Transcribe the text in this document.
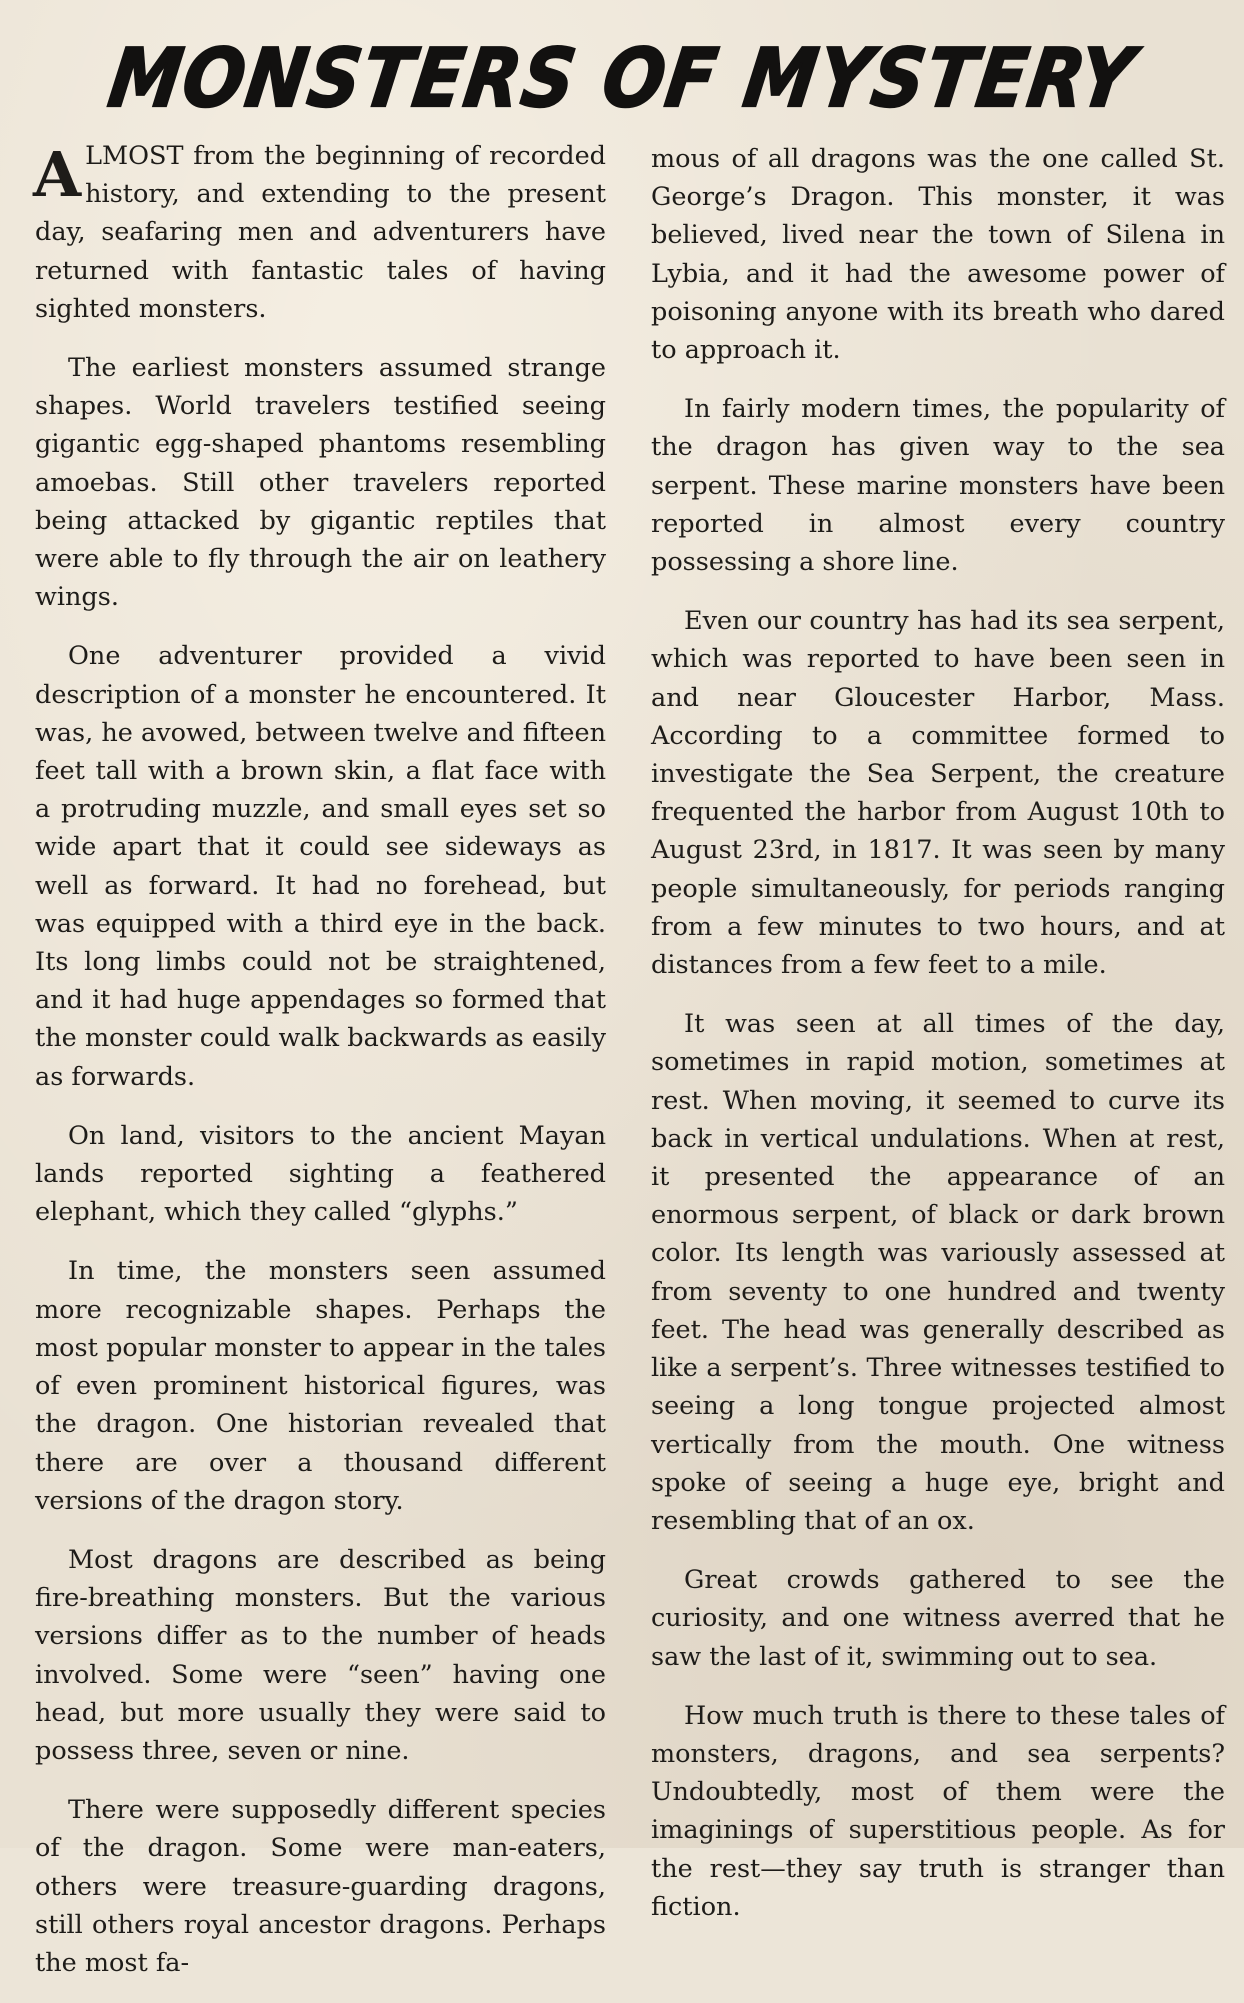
MONSTERS OF MYSTERY

ALMOST from the beginning of recorded history, and extending to the present day, seafaring men and adventurers have returned with fantastic tales of having sighted monsters.

The earliest monsters assumed strange shapes. World travelers testified seeing gigantic egg-shaped phantoms resembling amoebas. Still other travelers reported being attacked by gigantic reptiles that were able to fly through the air on leathery wings.

One adventurer provided a vivid description of a monster he encountered. It was, he avowed, between twelve and fifteen feet tall with a brown skin, a flat face with a protruding muzzle, and small eyes set so wide apart that it could see sideways as well as forward. It had no forehead, but was equipped with a third eye in the back. Its long limbs could not be straightened, and it had huge appendages so formed that the monster could walk backwards as easily as forwards.

On land, visitors to the ancient Mayan lands reported sighting a feathered elephant, which they called “glyphs.”

In time, the monsters seen assumed more recognizable shapes. Perhaps the most popular monster to appear in the tales of even prominent historical figures, was the dragon. One historian revealed that there are over a thousand different versions of the dragon story.

Most dragons are described as being fire-breathing monsters. But the various versions differ as to the number of heads involved. Some were “seen” having one head, but more usually they were said to possess three, seven or nine.

There were supposedly different species of the dragon. Some were man-eaters, others were treasure-guarding dragons, still others royal ancestor dragons. Perhaps the most fa-

mous of all dragons was the one called St. George’s Dragon. This monster, it was believed, lived near the town of Silena in Lybia, and it had the awesome power of poisoning anyone with its breath who dared to approach it.

In fairly modern times, the popularity of the dragon has given way to the sea serpent. These marine monsters have been reported in almost every country possessing a shore line.

Even our country has had its sea serpent, which was reported to have been seen in and near Gloucester Harbor, Mass. According to a committee formed to investigate the Sea Serpent, the creature frequented the harbor from August 10th to August 23rd, in 1817. It was seen by many people simultaneously, for periods ranging from a few minutes to two hours, and at distances from a few feet to a mile.

It was seen at all times of the day, sometimes in rapid motion, sometimes at rest. When moving, it seemed to curve its back in vertical undulations. When at rest, it presented the appearance of an enormous serpent, of black or dark brown color. Its length was variously assessed at from seventy to one hundred and twenty feet. The head was generally described as like a serpent’s. Three witnesses testified to seeing a long tongue projected almost vertically from the mouth. One witness spoke of seeing a huge eye, bright and resembling that of an ox.

Great crowds gathered to see the curiosity, and one witness averred that he saw the last of it, swimming out to sea.

How much truth is there to these tales of monsters, dragons, and sea serpents? Undoubtedly, most of them were the imaginings of superstitious people. As for the rest—they say truth is stranger than fiction.
